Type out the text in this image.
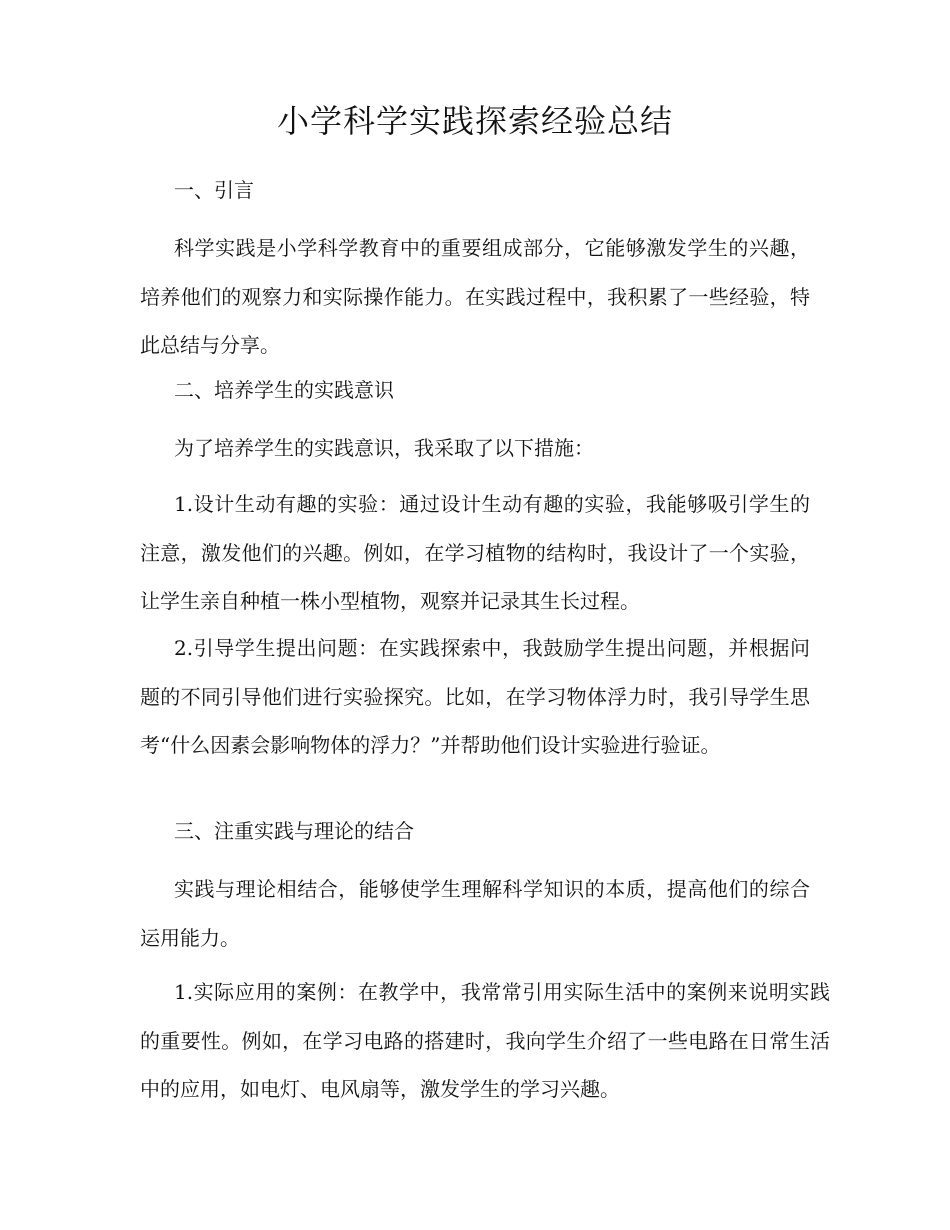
小学科学实践探索经验总结
一、引言

科学实践是小学科学教育中的重要组成部分，它能够激发学生的兴趣，培养他们的观察力和实际操作能力。在实践过程中，我积累了一些经验，特此总结与分享。

二、培养学生的实践意识

为了培养学生的实践意识，我采取了以下措施：

1.设计生动有趣的实验：通过设计生动有趣的实验，我能够吸引学生的注意，激发他们的兴趣。例如，在学习植物的结构时，我设计了一个实验，让学生亲自种植一株小型植物，观察并记录其生长过程。

2.引导学生提出问题：在实践探索中，我鼓励学生提出问题，并根据问题的不同引导他们进行实验探究。比如，在学习物体浮力时，我引导学生思考“什么因素会影响物体的浮力？”并帮助他们设计实验进行验证。

三、注重实践与理论的结合

实践与理论相结合，能够使学生理解科学知识的本质，提高他们的综合运用能力。

1.实际应用的案例：在教学中，我常常引用实际生活中的案例来说明实践的重要性。例如，在学习电路的搭建时，我向学生介绍了一些电路在日常生活中的应用，如电灯、电风扇等，激发学生的学习兴趣。
